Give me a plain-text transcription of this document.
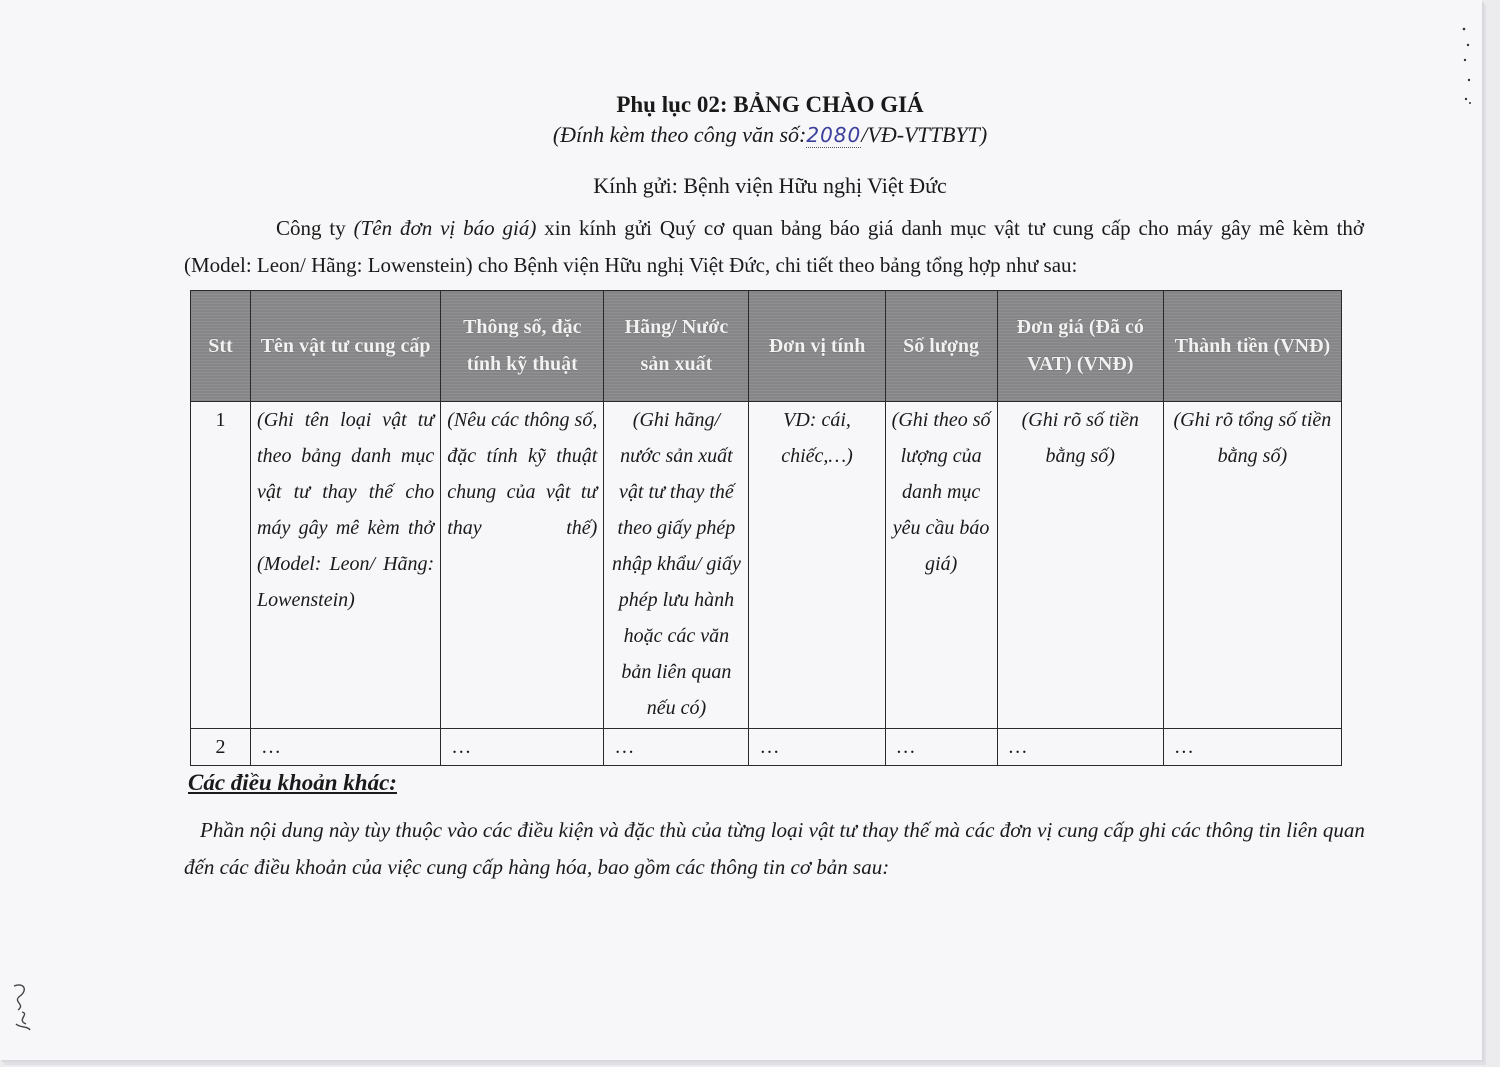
Phụ lục 02: BẢNG CHÀO GIÁ
(Đính kèm theo công văn số:2080/VĐ-VTTBYT)
Kính gửi: Bệnh viện Hữu nghị Việt Đức
Công ty (Tên đơn vị báo giá) xin kính gửi Quý cơ quan bảng báo giá danh mục vật tư cung cấp cho máy gây mê kèm thở (Model: Leon/ Hãng: Lowenstein) cho Bệnh viện Hữu nghị Việt Đức, chi tiết theo bảng tổng hợp như sau:
Stt	Tên vật tư cung cấp	Thông số, đặc tính kỹ thuật	Hãng/ Nước sản xuất	Đơn vị tính	Số lượng	Đơn giá (Đã có VAT) (VNĐ)	Thành tiền (VNĐ)
1	(Ghi tên loại vật tư theo bảng danh mục vật tư thay thế cho máy gây mê kèm thở (Model: Leon/ Hãng: Lowenstein)	(Nêu các thông số, đặc tính kỹ thuật chung của vật tư thay thế)	(Ghi hãng/ nước sản xuất vật tư thay thế theo giấy phép nhập khẩu/ giấy phép lưu hành hoặc các văn bản liên quan nếu có)	VD: cái, chiếc,…)	(Ghi theo số lượng của danh mục yêu cầu báo giá)	(Ghi rõ số tiền bằng số)	(Ghi rõ tổng số tiền bằng số)
2	…	…	…	…	…	…	…
Các điều khoản khác:
Phần nội dung này tùy thuộc vào các điều kiện và đặc thù của từng loại vật tư thay thế mà các đơn vị cung cấp ghi các thông tin liên quan đến các điều khoản của việc cung cấp hàng hóa, bao gồm các thông tin cơ bản sau:
